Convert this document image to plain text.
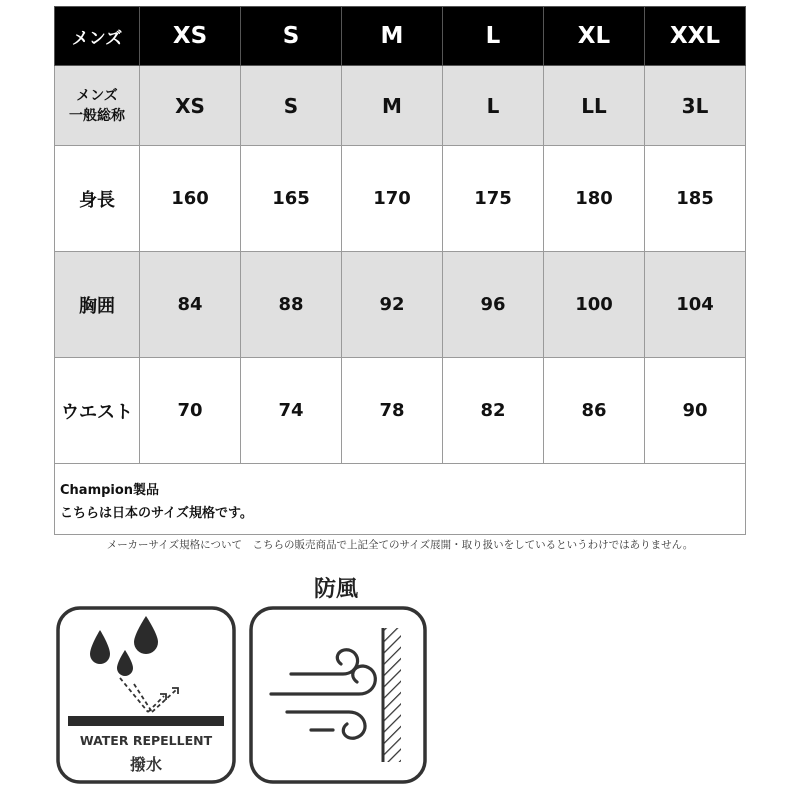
メンズ	XS	S	M	L	XL	XXL

メンズ
一般総称	XS	S	M	L	LL	3L
身長	160	165	170	175	180	185
胸囲	84	88	92	96	100	104
ウエスト	70	74	78	82	86	90
Champion製品
こちらは日本のサイズ規格です。
メーカーサイズ規格について　こちらの販売商品で上記全てのサイズ展開・取り扱いをしているというわけではありません。
WATER REPELLENT
撥水
防風
